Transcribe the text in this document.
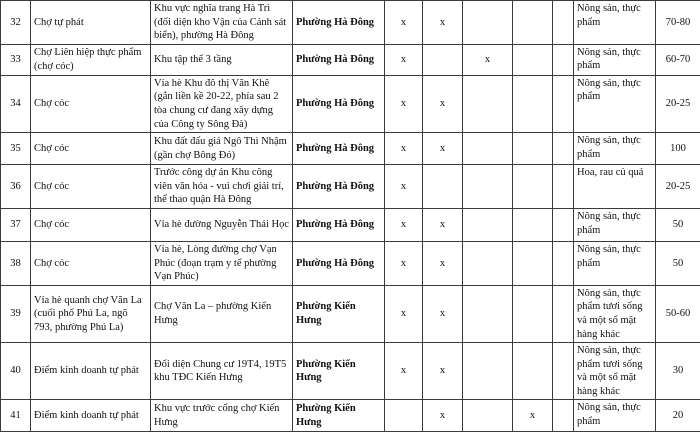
32	Chợ tự phát	Khu vực nghĩa trang Hà Trì (đối diện kho Vận của Cảnh sát biển), phường Hà Đông	Phường Hà Đông	x	x				Nông sản, thực phẩm	70-80
33	Chợ Liên hiệp thực phẩm (chợ cóc)	Khu tập thể 3 tầng	Phường Hà Đông	x		x			Nông sản, thực phẩm	60-70
34	Chợ cóc	Vỉa hè Khu đô thị Văn Khê (gắn liền kề 20-22, phía sau 2 tòa chung cư đang xây dựng của Công ty Sông Đà)	Phường Hà Đông	x	x				Nông sản, thực phẩm	20-25
35	Chợ cóc	Khu đất đấu giá Ngô Thì Nhậm (gần chợ Bông Đỏ)	Phường Hà Đông	x	x				Nông sản, thực phẩm	100
36	Chợ cóc	Trước công dự án Khu công viên văn hóa - vui chơi giải trí, thể thao quận Hà Đông	Phường Hà Đông	x					Hoa, rau củ quả	20-25
37	Chợ cóc	Vỉa hè đường Nguyễn Thái Học	Phường Hà Đông	x	x				Nông sản, thực phẩm	50
38	Chợ cóc	Vỉa hè, Lòng đường chợ Vạn Phúc (đoạn trạm y tế phường Vạn Phúc)	Phường Hà Đông	x	x				Nông sản, thực phẩm	50
39	Vỉa hè quanh chợ Văn La (cuối phố Phú La, ngõ 793, phường Phú La)	Chợ Văn La – phường Kiến Hưng	Phường Kiến Hưng	x	x				Nông sản, thực phẩm tươi sống và một số mặt hàng khác	50-60
40	Điểm kinh doanh tự phát	Đối diện Chung cư 19T4, 19T5 khu TĐC Kiến Hưng	Phường Kiến Hưng	x	x				Nông sản, thực phẩm tươi sống và một số mặt hàng khác	30
41	Điểm kinh doanh tự phát	Khu vực trước cổng chợ Kiến Hưng	Phường Kiến Hưng		x		x		Nông sản, thực phẩm	20
